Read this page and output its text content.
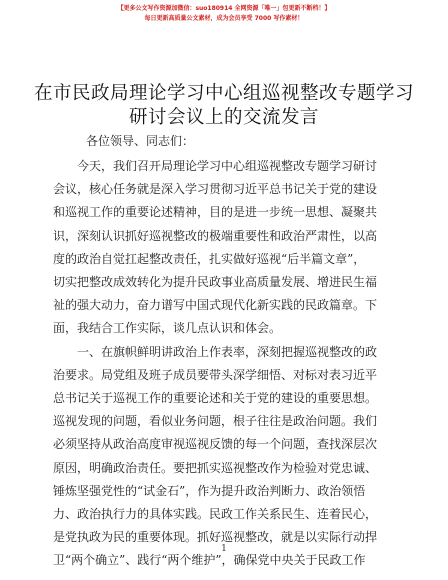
【更多公文写作资源加微信：suo180914 全网资源「唯一」包更新不断档！】
每日更新高质量公文素材，成为会员享受 7000 写作素材！
在市民政局理论学习中心组巡视整改专题学习
研讨会议上的交流发言
各位领导、同志们：
今天，我们召开局理论学习中心组巡视整改专题学习研讨
会议，核心任务就是深入学习贯彻习近平总书记关于党的建设
和巡视工作的重要论述精神，目的是进一步统一思想、凝聚共
识，深刻认识抓好巡视整改的极端重要性和政治严肃性，以高
度的政治自觉扛起整改责任，扎实做好巡视“后半篇文章”，
切实把整改成效转化为提升民政事业高质量发展、增进民生福
祉的强大动力，奋力谱写中国式现代化新实践的民政篇章。下
面，我结合工作实际，谈几点认识和体会。
一、在旗帜鲜明讲政治上作表率，深刻把握巡视整改的政
治要求。局党组及班子成员要带头深学细悟、对标对表习近平
总书记关于巡视工作的重要论述和关于党的建设的重要思想。
巡视发现的问题，看似业务问题，根子往往是政治问题。我们
必须坚持从政治高度审视巡视反馈的每一个问题，查找深层次
原因，明确政治责任。要把抓实巡视整改作为检验对党忠诚、
锤炼坚强党性的“试金石”，作为提升政治判断力、政治领悟
力、政治执行力的具体实践。民政工作关系民生、连着民心，
是党执政为民的重要体现。抓好巡视整改，就是以实际行动捍
卫“两个确立”、践行“两个维护”，确保党中央关于民政工作
1
